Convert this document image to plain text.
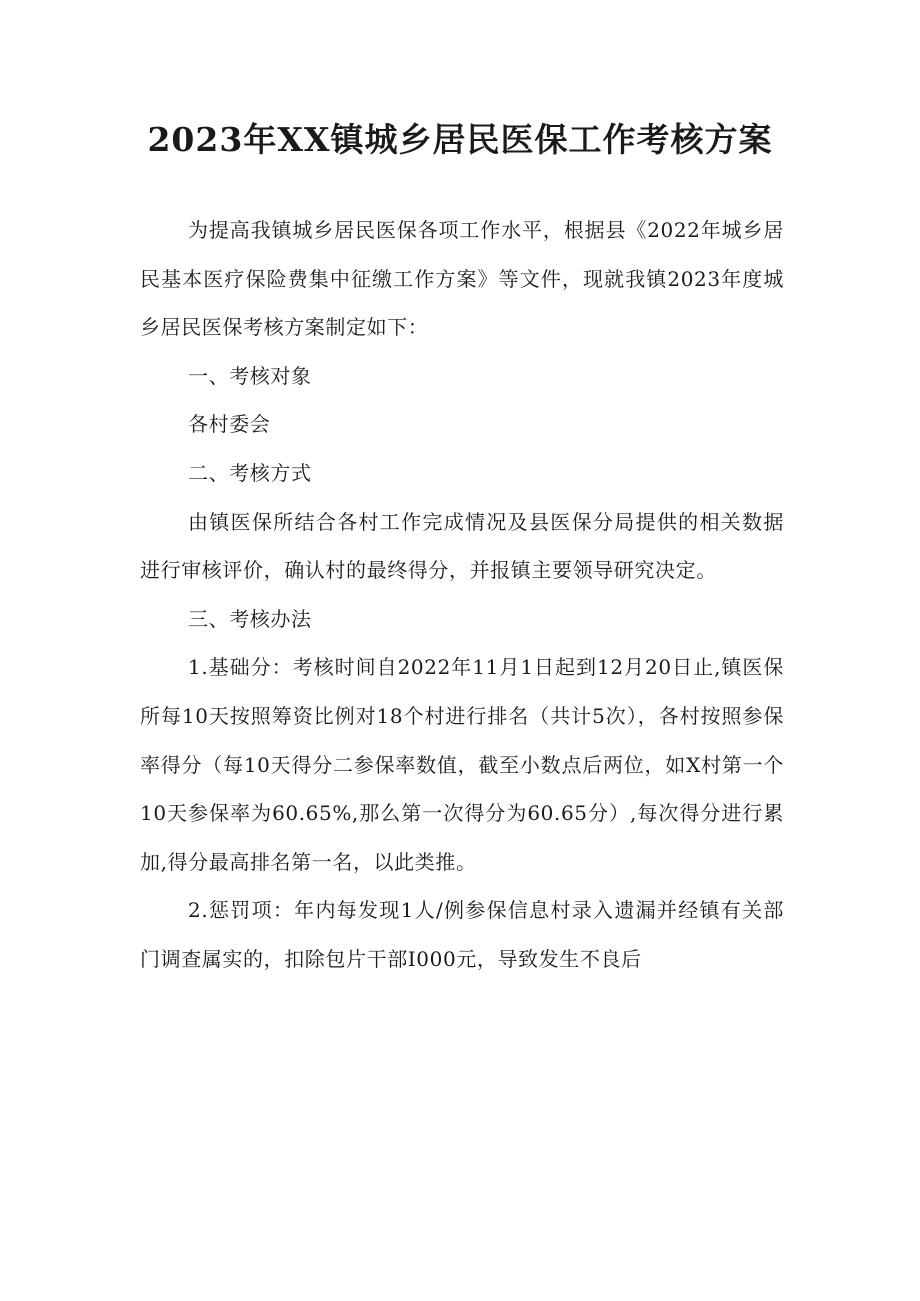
2023年XX镇城乡居民医保工作考核方案

为提高我镇城乡居民医保各项工作水平，根据县《2022年城乡居民基本医疗保险费集中征缴工作方案》等文件，现就我镇2023年度城乡居民医保考核方案制定如下：

一、考核对象

各村委会

二、考核方式

由镇医保所结合各村工作完成情况及县医保分局提供的相关数据进行审核评价，确认村的最终得分，并报镇主要领导研究决定。

三、考核办法

1.基础分：考核时间自2022年11月1日起到12月20日止,镇医保所每10天按照筹资比例对18个村进行排名（共计5次），各村按照参保率得分（每10天得分二参保率数值，截至小数点后两位，如X村第一个10天参保率为60.65%,那么第一次得分为60.65分）,每次得分进行累加,得分最高排名第一名，以此类推。

2.惩罚项：年内每发现1人/例参保信息村录入遗漏并经镇有关部门调查属实的，扣除包片干部I000元，导致发生不良后
